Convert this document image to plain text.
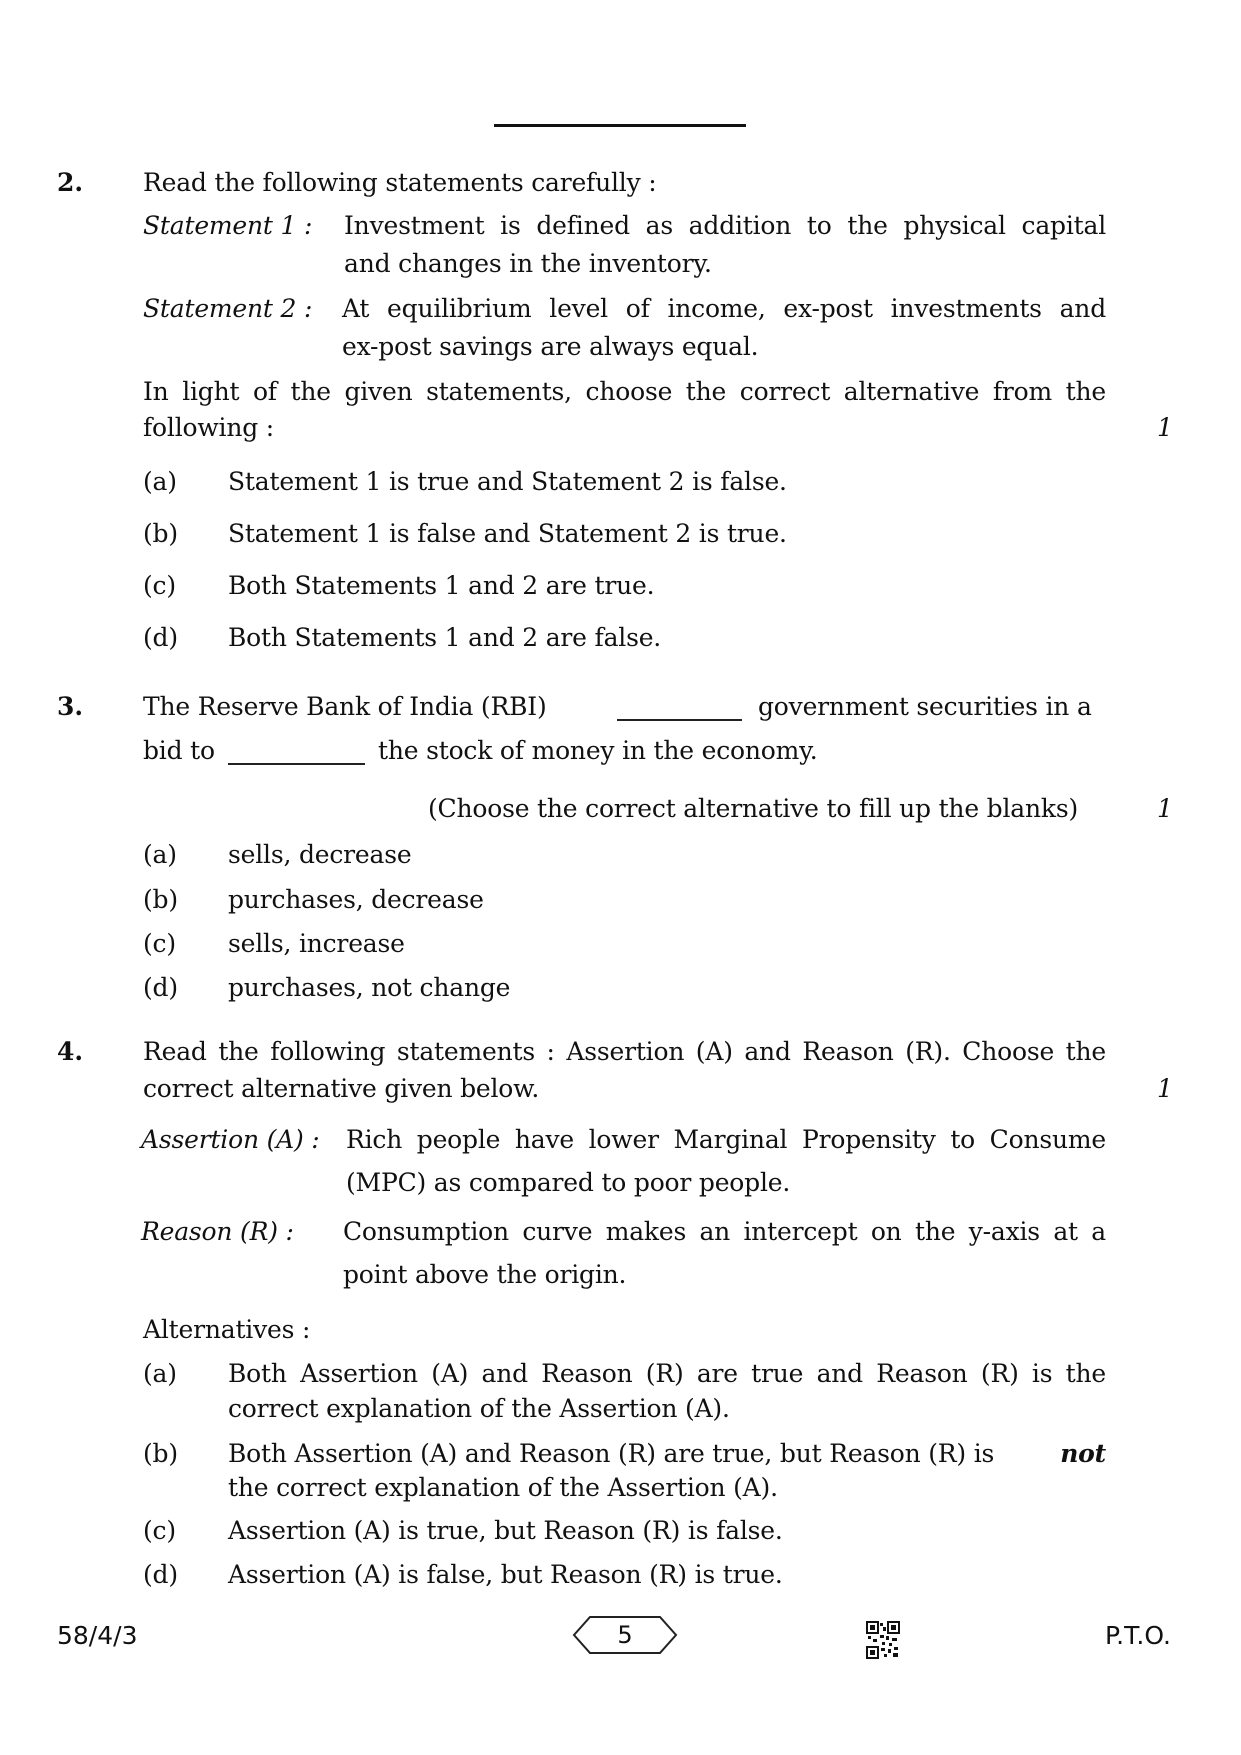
2. Read the following statements carefully :
Statement 1 : Investment is defined as addition to the physical capital
and changes in the inventory.
Statement 2 : At equilibrium level of income, ex-post investments and
ex-post savings are always equal.
In light of the given statements, choose the correct alternative from the
following :	1
(a) Statement 1 is true and Statement 2 is false.
(b) Statement 1 is false and Statement 2 is true.
(c) Both Statements 1 and 2 are true.
(d) Both Statements 1 and 2 are false.
3. The Reserve Bank of India (RBI)	government securities in a
bid to	the stock of money in the economy.
(Choose the correct alternative to fill up the blanks)	1
(a) sells, decrease
(b) purchases, decrease
(c) sells, increase
(d) purchases, not change
4. Read the following statements : Assertion (A) and Reason (R). Choose the
correct alternative given below.	1
Assertion (A) : Rich people have lower Marginal Propensity to Consume
(MPC) as compared to poor people.
Reason (R) : Consumption curve makes an intercept on the y-axis at a
point above the origin.
Alternatives :
(a) Both Assertion (A) and Reason (R) are true and Reason (R) is the
correct explanation of the Assertion (A).
(b) Both Assertion (A) and Reason (R) are true, but Reason (R) is	not
the correct explanation of the Assertion (A).
(c) Assertion (A) is true, but Reason (R) is false.
(d) Assertion (A) is false, but Reason (R) is true.
58/4/3	5	P.T.O.
